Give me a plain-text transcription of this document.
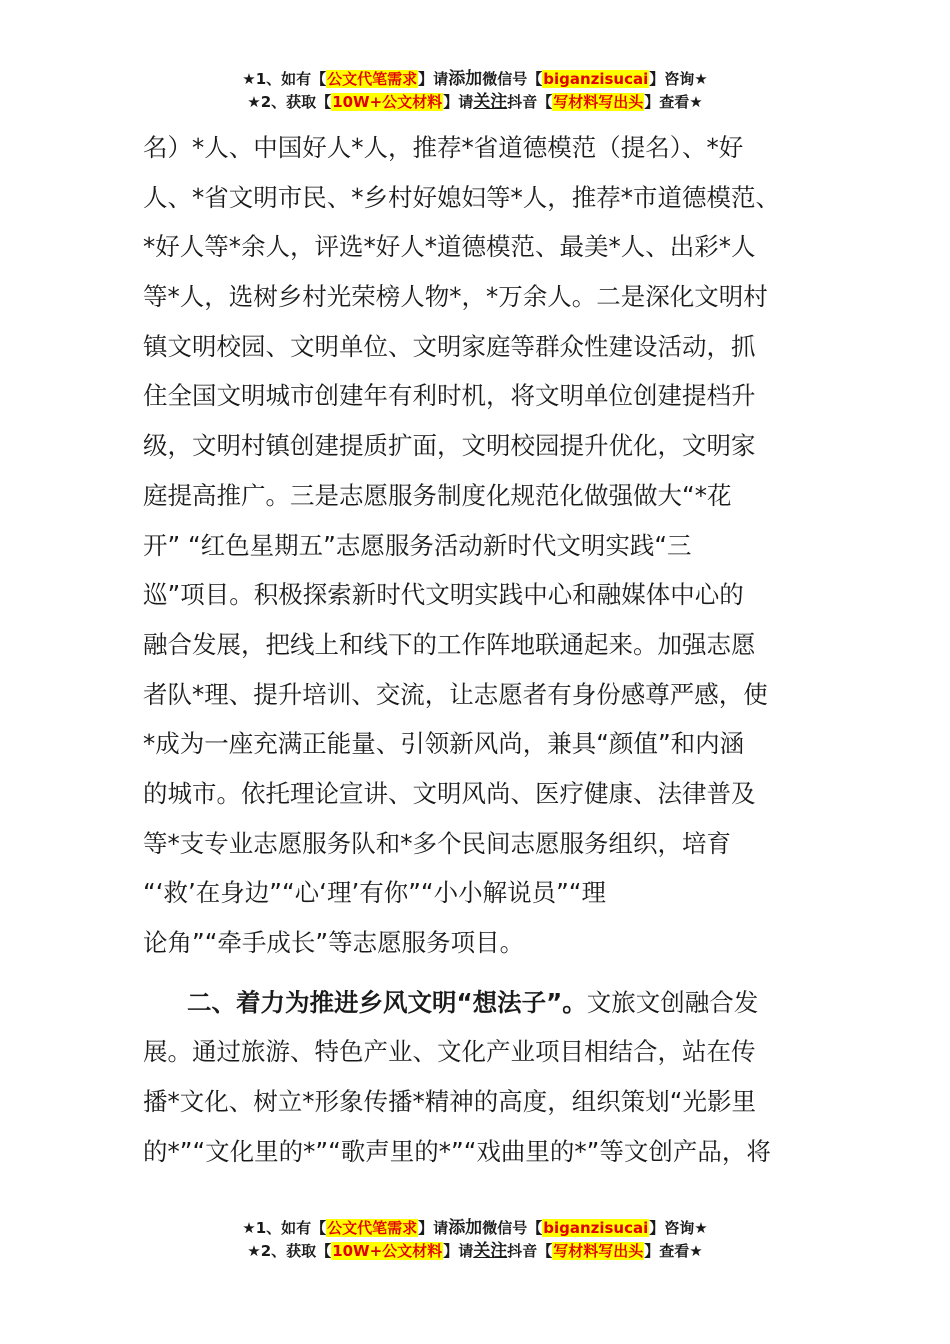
★1、如有【公文代笔需求】请添加微信号【biganzisucai】咨询★
★2、获取【10W+公文材料】请关注抖音【写材料写出头】查看★
名）*人、中国好人*人，推荐*省道德模范（提名）、*好
人、*省文明市民、*乡村好媳妇等*人，推荐*市道德模范、
*好人等*余人，评选*好人*道德模范、最美*人、出彩*人
等*人，选树乡村光荣榜人物*，*万余人。二是深化文明村
镇文明校园、文明单位、文明家庭等群众性建设活动，抓
住全国文明城市创建年有利时机，将文明单位创建提档升
级，文明村镇创建提质扩面，文明校园提升优化，文明家
庭提高推广。三是志愿服务制度化规范化做强做大“*花
开” “红色星期五”志愿服务活动新时代文明实践“三
巡”项目。积极探索新时代文明实践中心和融媒体中心的
融合发展，把线上和线下的工作阵地联通起来。加强志愿
者队*理、提升培训、交流，让志愿者有身份感尊严感，使
*成为一座充满正能量、引领新风尚，兼具“颜值”和内涵
的城市。依托理论宣讲、文明风尚、医疗健康、法律普及
等*支专业志愿服务队和*多个民间志愿服务组织，培育
“‘救’在身边”“心‘理’有你”“小小解说员”“理
论角”“牵手成长”等志愿服务项目。
二、着力为推进乡风文明“想法子”。文旅文创融合发
展。通过旅游、特色产业、文化产业项目相结合，站在传
播*文化、树立*形象传播*精神的高度，组织策划“光影里
的*”“文化里的*”“歌声里的*”“戏曲里的*”等文创产品，将
★1、如有【公文代笔需求】请添加微信号【biganzisucai】咨询★
★2、获取【10W+公文材料】请关注抖音【写材料写出头】查看★
